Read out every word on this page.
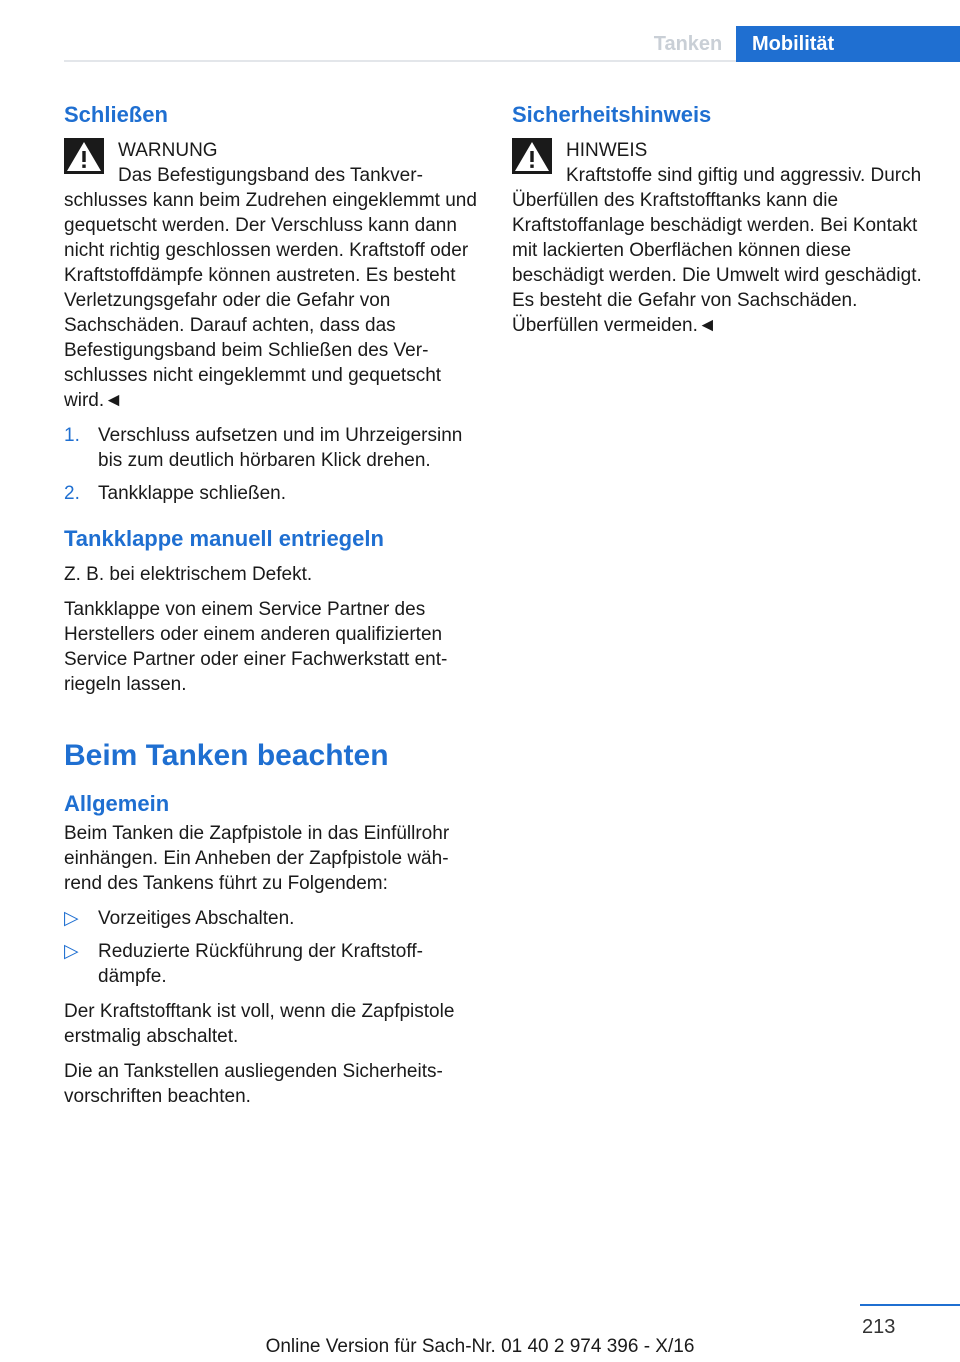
Tanken	Mobilität
Schließen
WARNUNG
Das Befestigungsband des Tankverschlusses kann beim Zudrehen eingeklemmt und gequetscht werden. Der Verschluss kann dann nicht richtig geschlossen werden. Kraftstoff oder Kraftstoffdämpfe können austreten. Es besteht Verletzungsgefahr oder die Gefahr von Sachschäden. Darauf achten, dass das Befestigungsband beim Schließen des Verschlusses nicht eingeklemmt und gequetscht wird.◄
1. Verschluss aufsetzen und im Uhrzeigersinn bis zum deutlich hörbaren Klick drehen.
2. Tankklappe schließen.
Tankklappe manuell entriegeln

Z. B. bei elektrischem Defekt.

Tankklappe von einem Service Partner des Herstellers oder einem anderen qualifizierten Service Partner oder einer Fachwerkstatt entriegeln lassen.

Beim Tanken beachten
Allgemein

Beim Tanken die Zapfpistole in das Einfüllrohr einhängen. Ein Anheben der Zapfpistole während des Tankens führt zu Folgendem:

▷	Vorzeitiges Abschalten.
▷	Reduzierte Rückführung der Kraftstoffdämpfe.

Der Kraftstofftank ist voll, wenn die Zapfpistole erstmalig abschaltet.

Die an Tankstellen ausliegenden Sicherheitsvorschriften beachten.

Sicherheitshinweis
HINWEIS
Kraftstoffe sind giftig und aggressiv. Durch Überfüllen des Kraftstofftanks kann die Kraftstoffanlage beschädigt werden. Bei Kontakt mit lackierten Oberflächen können diese beschädigt werden. Die Umwelt wird geschädigt. Es besteht die Gefahr von Sachschäden. Überfüllen vermeiden.◄
213
Online Version für Sach-Nr. 01 40 2 974 396 - X/16
